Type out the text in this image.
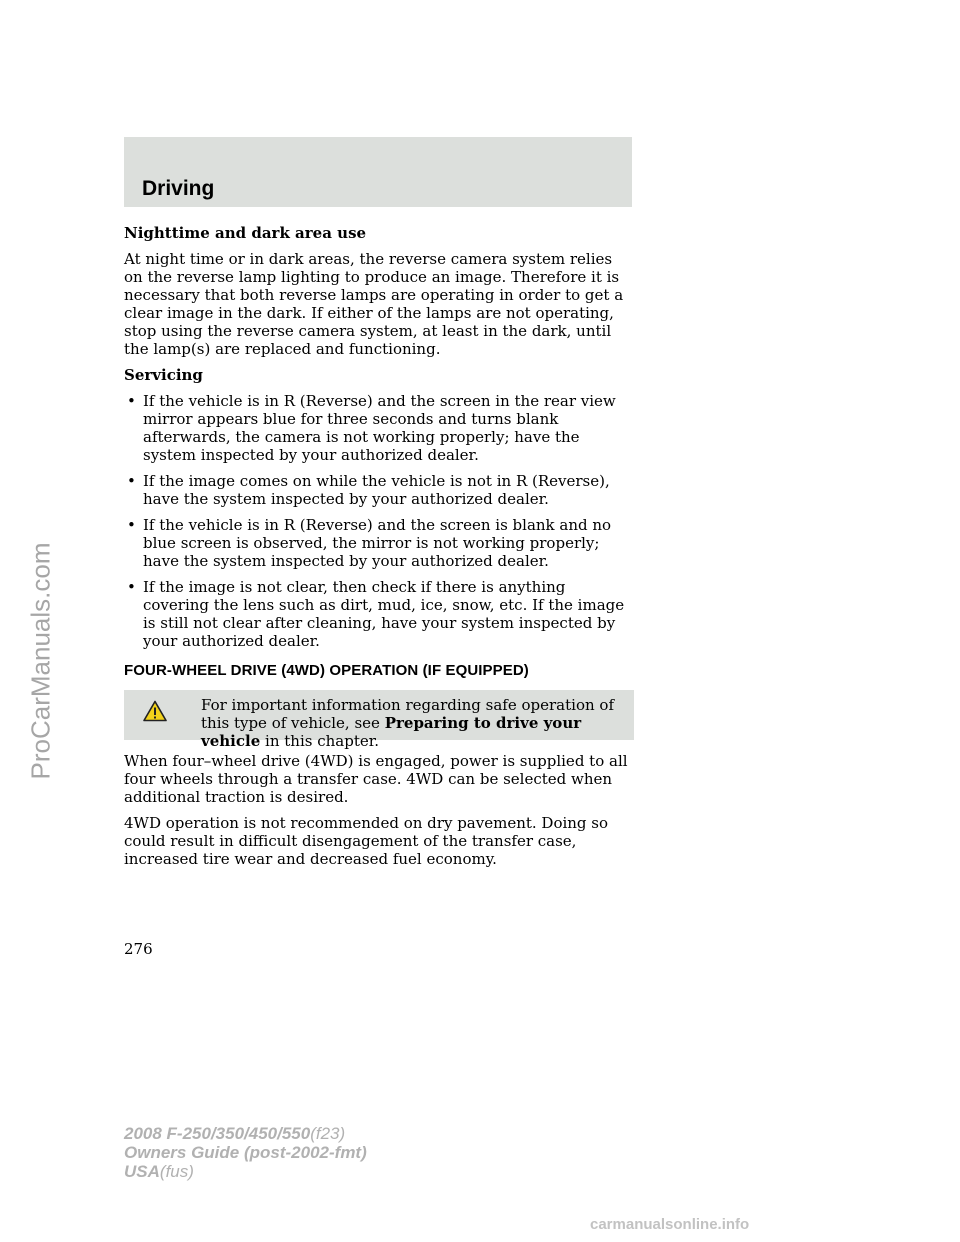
Driving

Nighttime and dark area use

At night time or in dark areas, the reverse camera system relies on the reverse lamp lighting to produce an image. Therefore it is necessary that both reverse lamps are operating in order to get a clear image in the dark. If either of the lamps are not operating, stop using the reverse camera system, at least in the dark, until the lamp(s) are replaced and functioning.

Servicing

• If the vehicle is in R (Reverse) and the screen in the rear view mirror appears blue for three seconds and turns blank afterwards, the camera is not working properly; have the system inspected by your authorized dealer.
• If the image comes on while the vehicle is not in R (Reverse), have the system inspected by your authorized dealer.
• If the vehicle is in R (Reverse) and the screen is blank and no blue screen is observed, the mirror is not working properly; have the system inspected by your authorized dealer.
• If the image is not clear, then check if there is anything covering the lens such as dirt, mud, ice, snow, etc. If the image is still not clear after cleaning, have your system inspected by your authorized dealer.
FOUR-WHEEL DRIVE (4WD) OPERATION (IF EQUIPPED)
For important information regarding safe operation of this type of vehicle, see Preparing to drive your vehicle in this chapter.

When four–wheel drive (4WD) is engaged, power is supplied to all four wheels through a transfer case. 4WD can be selected when additional traction is desired.

4WD operation is not recommended on dry pavement. Doing so could result in difficult disengagement of the transfer case, increased tire wear and decreased fuel economy.

276
2008 F-250/350/450/550(f23)
Owners Guide (post-2002-fmt)
USA(fus)
ProCarManuals.com
carmanualsonline.info
